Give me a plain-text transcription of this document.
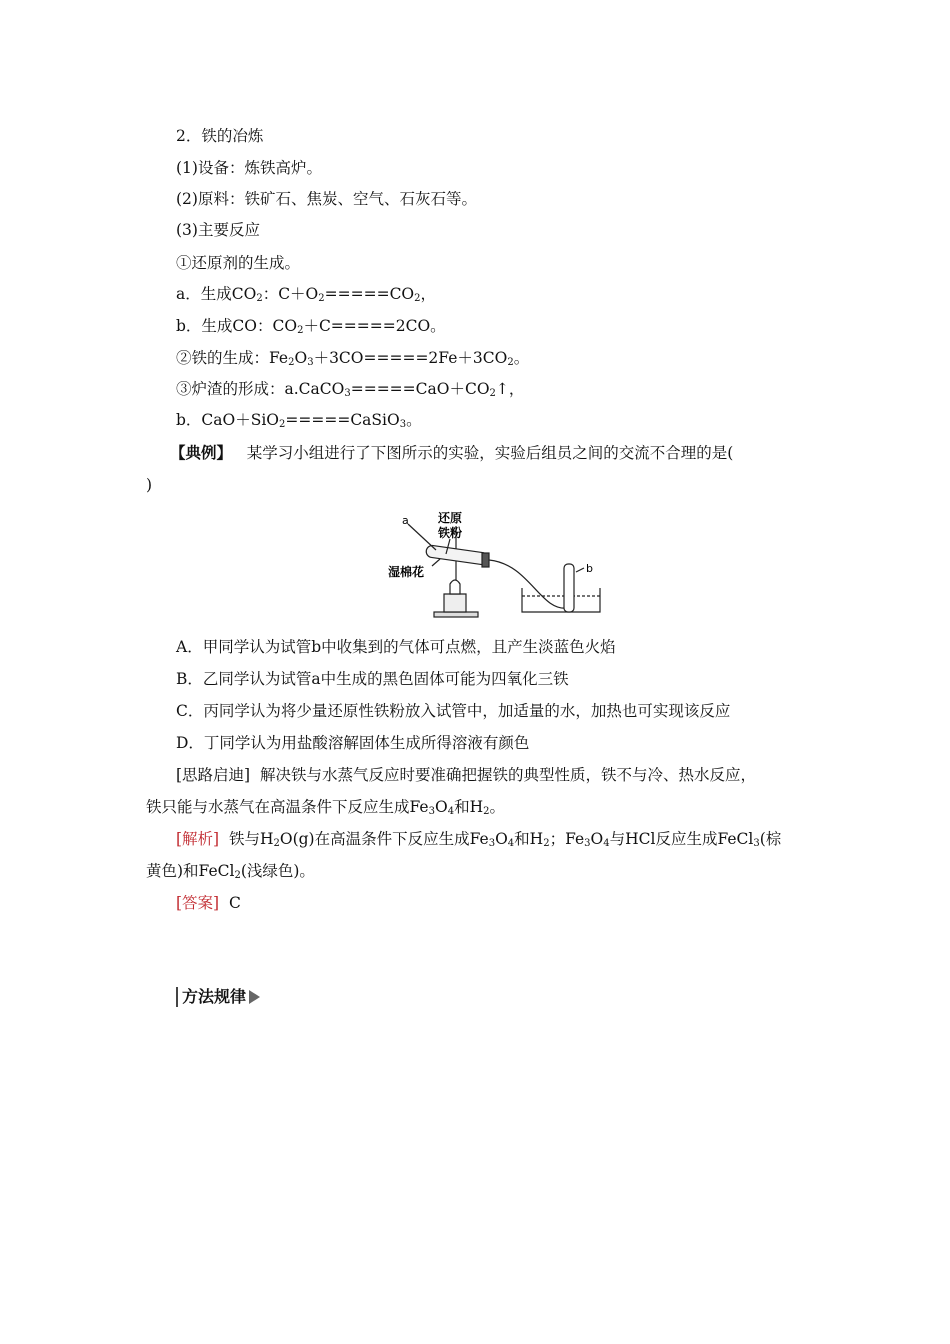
2．铁的冶炼
(1)设备：炼铁高炉。
(2)原料：铁矿石、焦炭、空气、石灰石等。
(3)主要反应
①还原剂的生成。
a．生成$CO_2$：$C+O_2=====CO_2$，
b．生成CO：$CO_2+C=====2CO$。
②铁的生成：$Fe_2O_3+3CO=====2Fe+3CO_2$。
③炉渣的形成：$a.CaCO_3=====CaO+CO_2↑$，
b．CaO＋SiO$_2$=====CaSiO$_3$。
【典例】 某学习小组进行了下图所示的实验，实验后组员之间的交流不合理的是(
)
a 还原
铁粉
湿棉花	b
A．甲同学认为试管b中收集到的气体可点燃，且产生淡蓝色火焰
B．乙同学认为试管a中生成的黑色固体可能为四氧化三铁
C．丙同学认为将少量还原性铁粉放入试管中，加适量的水，加热也可实现该反应
D．丁同学认为用盐酸溶解固体生成所得溶液有颜色
[思路启迪] 解决铁与水蒸气反应时要准确把握铁的典型性质，铁不与冷、热水反应，
铁只能与水蒸气在高温条件下反应生成$Fe_3O_4$和$H_2$。
[解析] 铁与$H_2O(g)$在高温条件下反应生成$Fe_3O_4$和$H_2$；$Fe_3O_4$与HCl反应生成FeCl$_3$(棕
黄色)和FeCl$_2$(浅绿色)。
[答案] C
方法规律
